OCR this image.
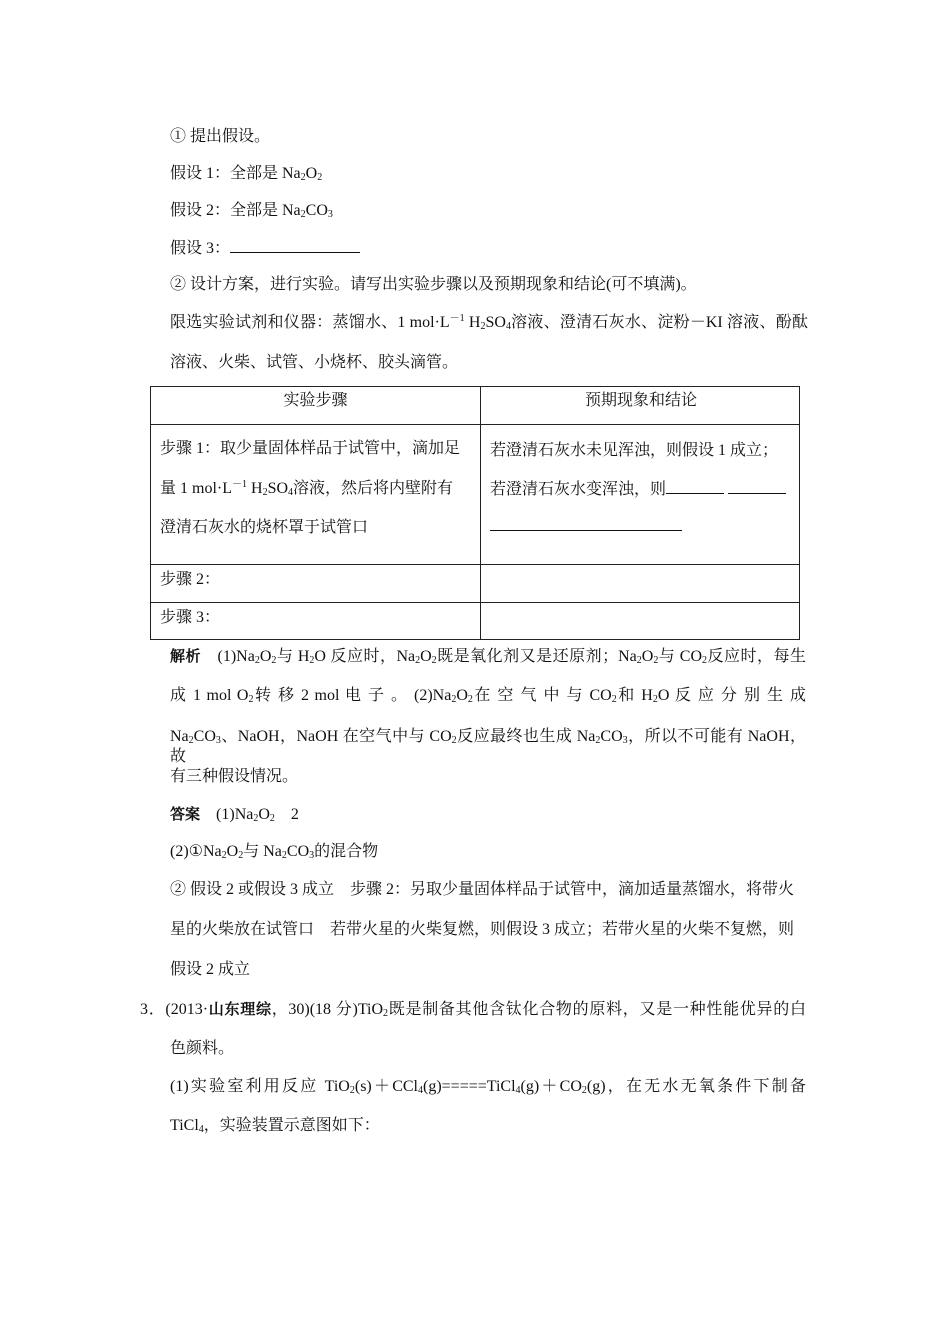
① 提出假设。
假设 1：全部是 $Na_2O_2$
假设 2：全部是 $Na_2CO_3$
假设 3：
② 设计方案，进行实验。请写出实验步骤以及预期现象和结论(可不填满)。
限选实验试剂和仪器：蒸馏水、1 $mol\cdot L^{-1}$ $H_2SO_4$溶液、澄清石灰水、淀粉－KI 溶液、酚酞
溶液、火柴、试管、小烧杯、胶头滴管。
实验步骤	预期现象和结论
步骤 1：取少量固体样品于试管中，滴加足
量 1 $mol\cdot L^{-1}$ $H_2SO_4$溶液，然后将内壁附有
澄清石灰水的烧杯罩于试管口
若澄清石灰水未见浑浊，则假设 1 成立；
若澄清石灰水变浑浊，则
步骤 2：
步骤 3：
解析　 $(1)Na_2O_2$与 $H_2O$ 反应时，$Na_2O_2$既是氧化剂又是还原剂；$Na_2O_2$与 $CO_2$反应时，每生
成 1 mol $O_2$转 移 2 mol 电 子 。 $(2)Na_2O_2$在 空 气 中 与 $CO_2$和 $H_2O$ 反 应 分 别 生 成
$Na_2CO_3$、NaOH，NaOH 在空气中与 $CO_2$反应最终也生成 $Na_2CO_3$，所以不可能有 NaOH，故
有三种假设情况。
答案　 $(1)Na_2O_2$　 2
$(2)①Na_2O_2$与 $Na_2CO_3$的混合物
② 假设 2 或假设 3 成立　步骤 2：另取少量固体样品于试管中，滴加适量蒸馏水，将带火
星的火柴放在试管口　若带火星的火柴复燃，则假设 3 成立；若带火星的火柴不复燃，则
假设 2 成立
3．(2013·山东理综，30)(18 分)TiO$_2$既是制备其他含钛化合物的原料，又是一种性能优异的白
色颜料。
(1)实验室利用反应 $TiO_2(s)+CCl_4(g)=====TiCl_4(g)+CO_2(g)$，在无水无氧条件下制备
TiCl$_4$，实验装置示意图如下：
